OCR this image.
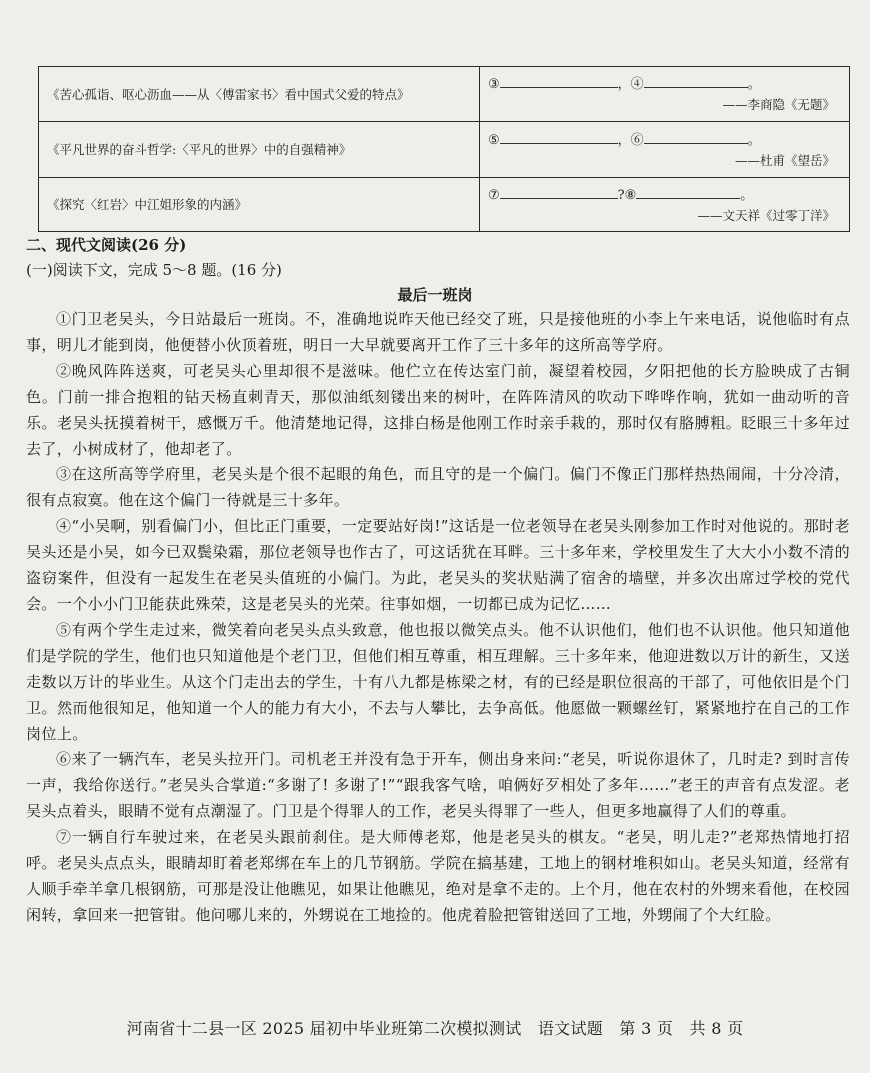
《苦心孤诣、呕心沥血——从〈傅雷家书〉看中国式父爱的特点》	③ ，④ 。
——李商隐《无题》

《平凡世界的奋斗哲学:〈平凡的世界〉中的自强精神》	⑤ ，⑥ 。
——杜甫《望岳》

《探究〈红岩〉中江姐形象的内涵》	⑦ ?⑧ 。
——文天祥《过零丁洋》
二、现代文阅读(26 分)
(一)阅读下文，完成 5～8 题。(16 分)
最后一班岗

①门卫老吴头，今日站最后一班岗。不，准确地说昨天他已经交了班，只是接他班的小李上午来电话，说他临时有点事，明儿才能到岗，他便替小伙顶着班，明日一大早就要离开工作了三十多年的这所高等学府。

②晚风阵阵送爽，可老吴头心里却很不是滋味。他伫立在传达室门前，凝望着校园，夕阳把他的长方脸映成了古铜色。门前一排合抱粗的钻天杨直刺青天，那似油纸刻镂出来的树叶，在阵阵清风的吹动下哗哗作响，犹如一曲动听的音乐。老吴头抚摸着树干，感慨万千。他清楚地记得，这排白杨是他刚工作时亲手栽的，那时仅有胳膊粗。眨眼三十多年过去了，小树成材了，他却老了。

③在这所高等学府里，老吴头是个很不起眼的角色，而且守的是一个偏门。偏门不像正门那样热热闹闹，十分冷清，很有点寂寞。他在这个偏门一待就是三十多年。

④“小吴啊，别看偏门小，但比正门重要，一定要站好岗!”这话是一位老领导在老吴头刚参加工作时对他说的。那时老吴头还是小吴，如今已双鬓染霜，那位老领导也作古了，可这话犹在耳畔。三十多年来，学校里发生了大大小小数不清的盗窃案件，但没有一起发生在老吴头值班的小偏门。为此，老吴头的奖状贴满了宿舍的墙壁，并多次出席过学校的党代会。一个小小门卫能获此殊荣，这是老吴头的光荣。往事如烟，一切都已成为记忆……

⑤有两个学生走过来，微笑着向老吴头点头致意，他也报以微笑点头。他不认识他们，他们也不认识他。他只知道他们是学院的学生，他们也只知道他是个老门卫，但他们相互尊重，相互理解。三十多年来，他迎进数以万计的新生，又送走数以万计的毕业生。从这个门走出去的学生，十有八九都是栋梁之材，有的已经是职位很高的干部了，可他依旧是个门卫。然而他很知足，他知道一个人的能力有大小，不去与人攀比，去争高低。他愿做一颗螺丝钉，紧紧地拧在自己的工作岗位上。

⑥来了一辆汽车，老吴头拉开门。司机老王并没有急于开车，侧出身来问:“老吴，听说你退休了，几时走? 到时言传一声，我给你送行。”老吴头合掌道:“多谢了! 多谢了!”“跟我客气啥，咱俩好歹相处了多年……”老王的声音有点发涩。老吴头点着头，眼睛不觉有点潮湿了。门卫是个得罪人的工作，老吴头得罪了一些人，但更多地赢得了人们的尊重。

⑦一辆自行车驶过来，在老吴头跟前刹住。是大师傅老郑，他是老吴头的棋友。“老吴，明儿走?”老郑热情地打招呼。老吴头点点头，眼睛却盯着老郑绑在车上的几节钢筋。学院在搞基建，工地上的钢材堆积如山。老吴头知道，经常有人顺手牵羊拿几根钢筋，可那是没让他瞧见，如果让他瞧见，绝对是拿不走的。上个月，他在农村的外甥来看他，在校园闲转，拿回来一把管钳。他问哪儿来的，外甥说在工地捡的。他虎着脸把管钳送回了工地，外甥闹了个大红脸。

河南省十二县一区 2025 届初中毕业班第二次模拟测试　语文试题　第 3 页　共 8 页
